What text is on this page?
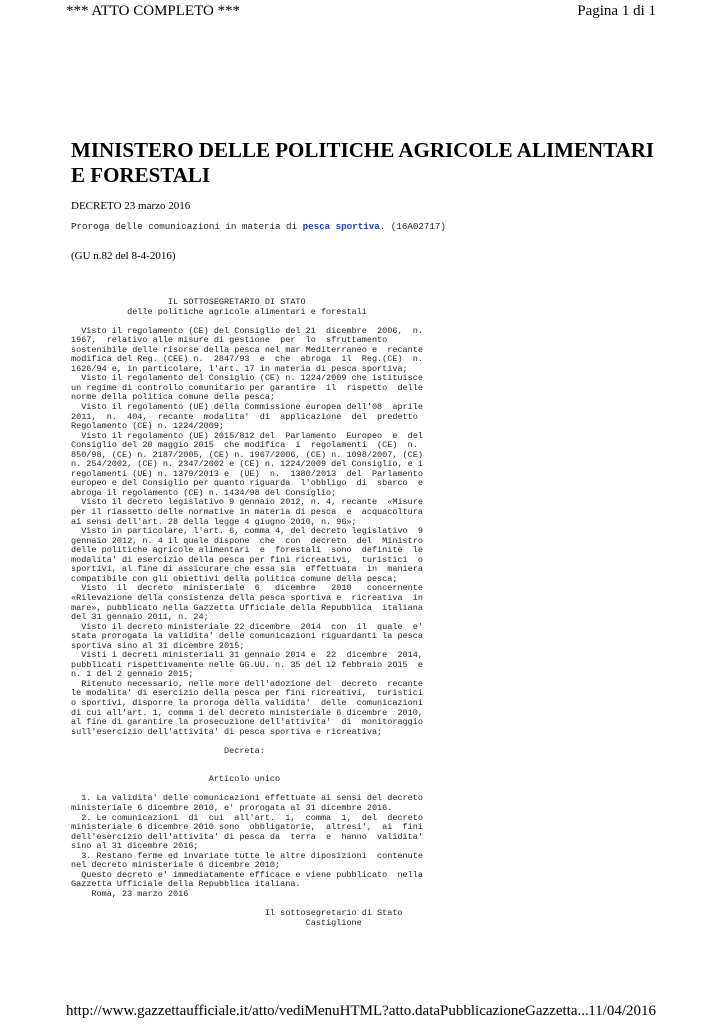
*** ATTO COMPLETO ***	Pagina 1 di 1
MINISTERO DELLE POLITICHE AGRICOLE ALIMENTARI
E FORESTALI
DECRETO 23 marzo 2016
Proroga delle comunicazioni in materia di pesca sportiva. (16A02717)
(GU n.82 del 8-4-2016)
IL SOTTOSEGRETARIO DI STATO
delle politiche agricole alimentari e forestali

Visto il regolamento (CE) del Consiglio del 21  dicembre  2006,  n.
1967,  relativo alle misure di gestione  per  lo  sfruttamento
sostenibile delle risorse della pesca nel mar Mediterraneo e  recante
modifica del Reg. (CEE) n.  2847/93  e  che  abroga  il  Reg.(CE)  n.
1626/94 e, in particolare, l'art. 17 in materia di pesca sportiva;
Visto il regolamento del Consiglio (CE) n. 1224/2009 che istituisce
un regime di controllo comunitario per garantire  il  rispetto  delle
norme della politica comune della pesca;
Visto il regolamento (UE) della Commissione europea dell'08  aprile
2011,  n.  404,  recante  modalita'  di  applicazione  del  predetto
Regolamento (CE) n. 1224/2009;
Visto il regolamento (UE) 2015/812 del  Parlamento  Europeo  e  del
Consiglio del 20 maggio 2015  che modifica  i  regolamenti  (CE)  n.
850/98, (CE) n. 2187/2005, (CE) n. 1967/2006, (CE) n. 1098/2007, (CE)
n. 254/2002, (CE) n. 2347/2002 e (CE) n. 1224/2009 del Consiglio, e i
regolamenti (UE) n. 1379/2013 e  (UE)  n.  1380/2013  del  Parlamento
europeo e del Consiglio per quanto riguarda  l'obbligo  di  sbarco  e
abroga il regolamento (CE) n. 1434/98 del Consiglio;
Visto il decreto legislativo 9 gennaio 2012, n. 4, recante  «Misure
per il riassetto delle normative in materia di pesca  e  acquacoltura
ai sensi dell'art. 28 della legge 4 giugno 2010, n. 96»;
Visto in particolare, l'art. 6, comma 4, del decreto legislativo  9
gennaio 2012, n. 4 il quale dispone  che  con  decreto  del  Ministro
delle politiche agricole alimentari  e  forestali  sono  definite  le
modalita' di esercizio della pesca per fini ricreativi,  turistici  o
sportivi, al fine di assicurare che essa sia  effettuata  in  maniera
compatibile con gli obiettivi della politica comune della pesca;
Visto  il  decreto  ministeriale  6   dicembre   2010   concernente
«Rilevazione della consistenza della pesca sportiva e  ricreativa  in
mare», pubblicato nella Gazzetta Ufficiale della Repubblica  italiana
del 31 gennaio 2011, n. 24;
Visto il decreto ministeriale 22 dicembre  2014  con  il  quale  e'
stata prorogata la validita' delle comunicazioni riguardanti la pesca
sportiva sino al 31 dicembre 2015;
Visti i decreti ministeriali 31 gennaio 2014 e  22  dicembre  2014,
pubblicati rispettivamente nelle GG.UU. n. 35 del 12 febbraio 2015  e
n. 1 del 2 gennaio 2015;
Ritenuto necessario, nelle more dell'adozione del  decreto  recante
le modalita' di esercizio della pesca per fini ricreativi,  turistici
o sportivi, disporre la proroga della validita'  delle  comunicazioni
di cui all'art. 1, comma 1 del decreto ministeriale 6 dicembre  2010,
al fine di garantire la prosecuzione dell'attivita'  di  monitoraggio
sull'esercizio dell'attivita' di pesca sportiva e ricreativa;

Decreta:

Articolo unico

1. La validita' delle comunicazioni effettuate ai sensi del decreto
ministeriale 6 dicembre 2010, e' prorogata al 31 dicembre 2016.
2. Le comunicazioni  di  cui  all'art.  1,  comma  1,  del  decreto
ministeriale 6 dicembre 2010 sono  obbligatorie,  altresi',  ai  fini
dell'esercizio dell'attivita' di pesca da  terra  e  hanno  validita'
sino al 31 dicembre 2016;
3. Restano ferme ed invariate tutte le altre diposizioni  contenute
nel decreto ministeriale 6 dicembre 2010;
Questo decreto e' immediatamente efficace e viene pubblicato  nella
Gazzetta Ufficiale della Repubblica italiana.
Roma, 23 marzo 2016

Il sottosegretario di Stato
Castiglione

http://www.gazzettaufficiale.it/atto/vediMenuHTML?atto.dataPubblicazioneGazzetta... 11/04/2016
